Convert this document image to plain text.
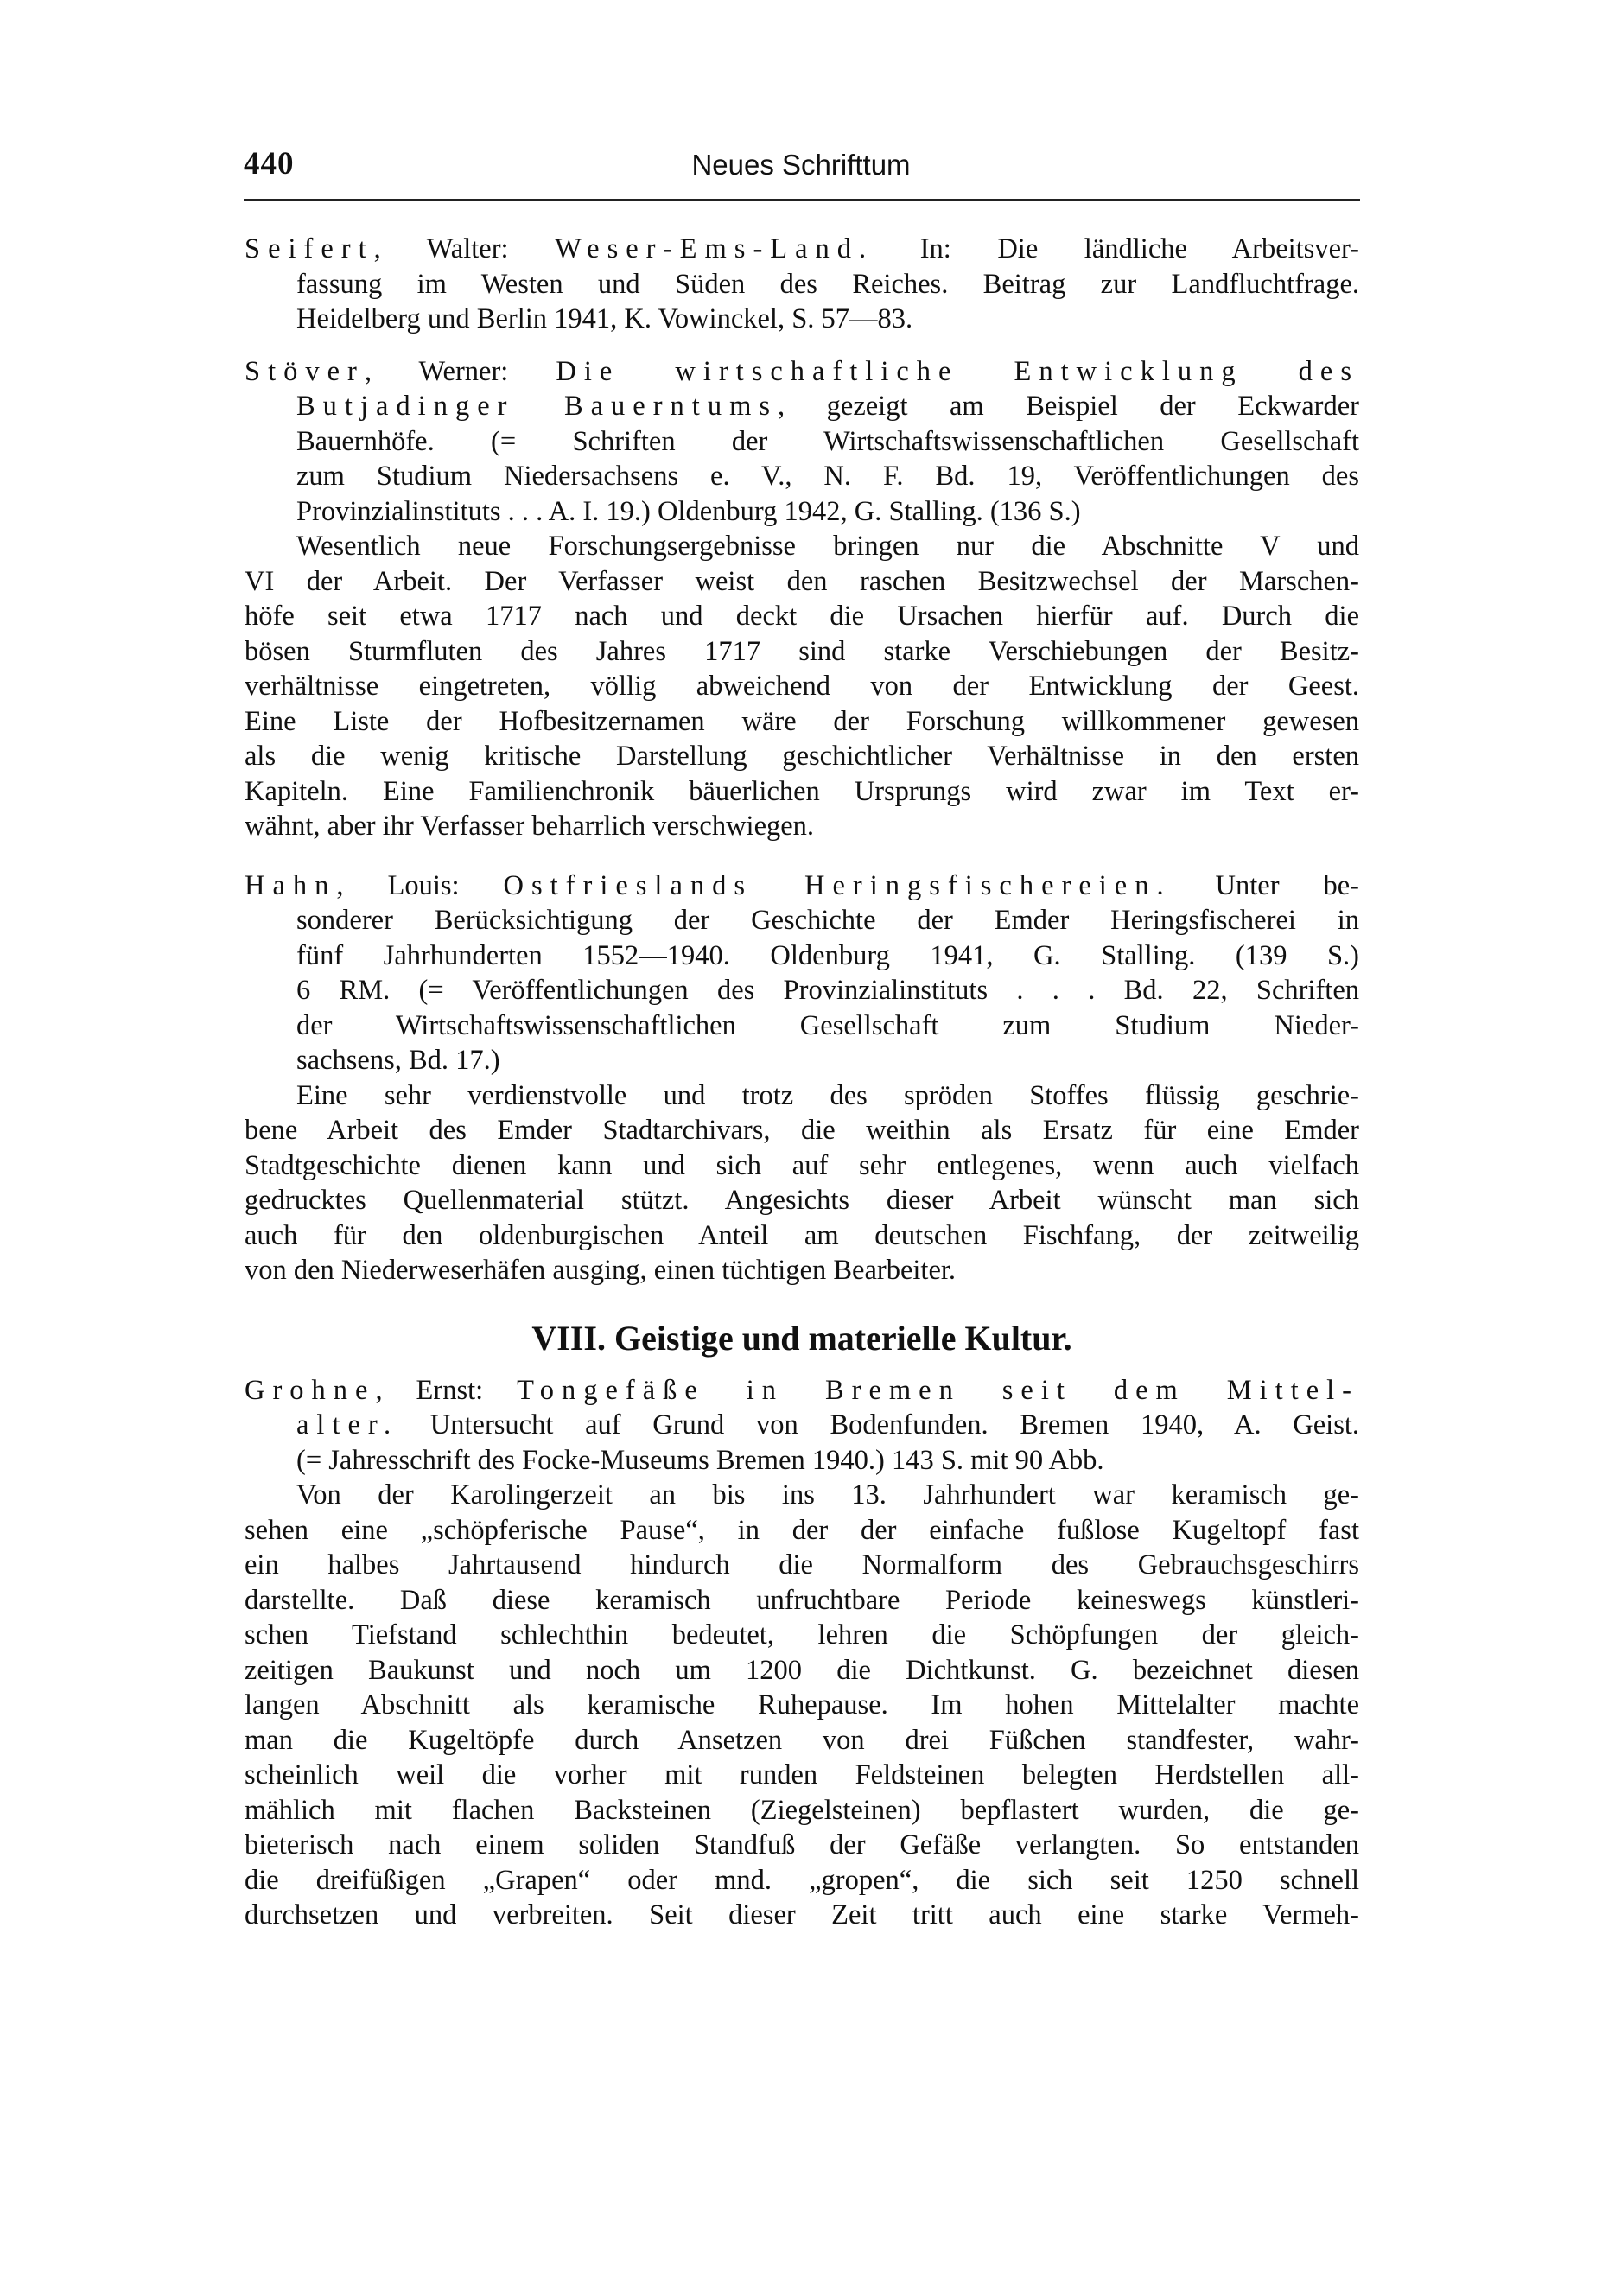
440	Neues Schrifttum
Seifert, Walter: Weser-Ems-Land. In: Die ländliche Arbeitsver-
fassung im Westen und Süden des Reiches. Beitrag zur Landfluchtfrage.
Heidelberg und Berlin 1941, K. Vowinckel, S. 57—83.
Stöver, Werner: Die wirtschaftliche Entwicklung des
Butjadinger Bauerntums, gezeigt am Beispiel der Eckwarder
Bauernhöfe. (= Schriften der Wirtschaftswissenschaftlichen Gesellschaft
zum Studium Niedersachsens e. V., N. F. Bd. 19, Veröffentlichungen des
Provinzialinstituts . . . A. I. 19.) Oldenburg 1942, G. Stalling. (136 S.)
Wesentlich neue Forschungsergebnisse bringen nur die Abschnitte V und
VI der Arbeit. Der Verfasser weist den raschen Besitzwechsel der Marschen-
höfe seit etwa 1717 nach und deckt die Ursachen hierfür auf. Durch die
bösen Sturmfluten des Jahres 1717 sind starke Verschiebungen der Besitz-
verhältnisse eingetreten, völlig abweichend von der Entwicklung der Geest.
Eine Liste der Hofbesitzernamen wäre der Forschung willkommener gewesen
als die wenig kritische Darstellung geschichtlicher Verhältnisse in den ersten
Kapiteln. Eine Familienchronik bäuerlichen Ursprungs wird zwar im Text er-
wähnt, aber ihr Verfasser beharrlich verschwiegen.
Hahn, Louis: Ostfrieslands Heringsfischereien. Unter be-
sonderer Berücksichtigung der Geschichte der Emder Heringsfischerei in
fünf Jahrhunderten 1552—1940. Oldenburg 1941, G. Stalling. (139 S.)
6 RM. (= Veröffentlichungen des Provinzialinstituts . . . Bd. 22, Schriften
der Wirtschaftswissenschaftlichen Gesellschaft zum Studium Nieder-
sachsens, Bd. 17.)
Eine sehr verdienstvolle und trotz des spröden Stoffes flüssig geschrie-
bene Arbeit des Emder Stadtarchivars, die weithin als Ersatz für eine Emder
Stadtgeschichte dienen kann und sich auf sehr entlegenes, wenn auch vielfach
gedrucktes Quellenmaterial stützt. Angesichts dieser Arbeit wünscht man sich
auch für den oldenburgischen Anteil am deutschen Fischfang, der zeitweilig
von den Niederweserhäfen ausging, einen tüchtigen Bearbeiter.
VIII. Geistige und materielle Kultur.
Grohne, Ernst: Tongefäße in Bremen seit dem Mittel-
alter. Untersucht auf Grund von Bodenfunden. Bremen 1940, A. Geist.
(= Jahresschrift des Focke-Museums Bremen 1940.) 143 S. mit 90 Abb.
Von der Karolingerzeit an bis ins 13. Jahrhundert war keramisch ge-
sehen eine „schöpferische Pause“, in der der einfache fußlose Kugeltopf fast
ein halbes Jahrtausend hindurch die Normalform des Gebrauchsgeschirrs
darstellte. Daß diese keramisch unfruchtbare Periode keineswegs künstleri-
schen Tiefstand schlechthin bedeutet, lehren die Schöpfungen der gleich-
zeitigen Baukunst und noch um 1200 die Dichtkunst. G. bezeichnet diesen
langen Abschnitt als keramische Ruhepause. Im hohen Mittelalter machte
man die Kugeltöpfe durch Ansetzen von drei Füßchen standfester, wahr-
scheinlich weil die vorher mit runden Feldsteinen belegten Herdstellen all-
mählich mit flachen Backsteinen (Ziegelsteinen) bepflastert wurden, die ge-
bieterisch nach einem soliden Standfuß der Gefäße verlangten. So entstanden
die dreifüßigen „Grapen“ oder mnd. „gropen“, die sich seit 1250 schnell
durchsetzen und verbreiten. Seit dieser Zeit tritt auch eine starke Vermeh-
